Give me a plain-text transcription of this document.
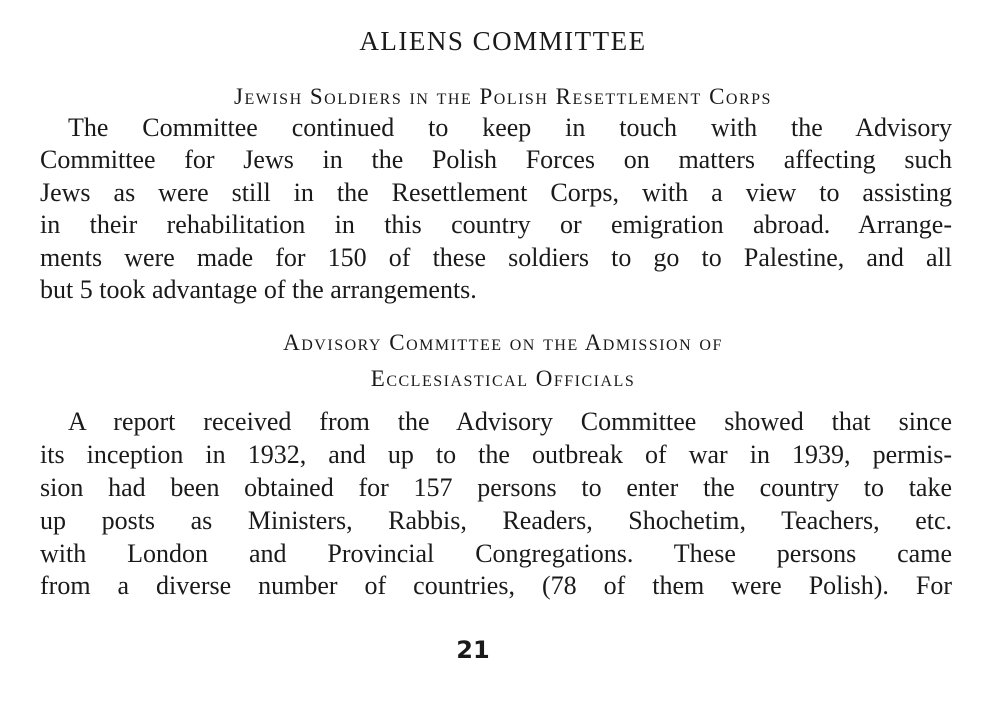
ALIENS COMMITTEE
Jewish Soldiers in the Polish Resettlement Corps
The Committee continued to keep in touch with the Advisory
Committee for Jews in the Polish Forces on matters affecting such
Jews as were still in the Resettlement Corps, with a view to assisting
in their rehabilitation in this country or emigration abroad. Arrange-
ments were made for 150 of these soldiers to go to Palestine, and all
but 5 took advantage of the arrangements.
Advisory Committee on the Admission of
Ecclesiastical Officials
A report received from the Advisory Committee showed that since
its inception in 1932, and up to the outbreak of war in 1939, permis-
sion had been obtained for 157 persons to enter the country to take
up posts as Ministers, Rabbis, Readers, Shochetim, Teachers, etc.
with London and Provincial Congregations. These persons came
from a diverse number of countries, (78 of them were Polish). For
21
